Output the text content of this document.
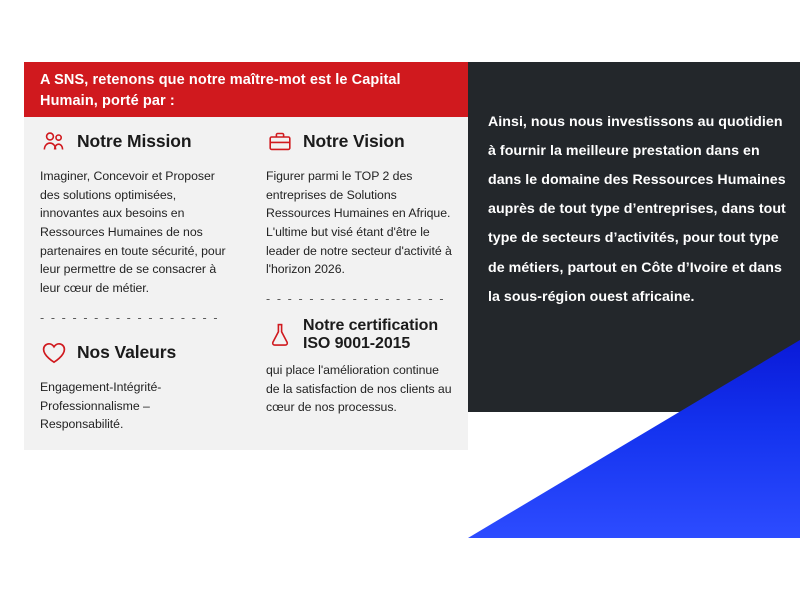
A SNS, retenons que notre maître-mot est le Capital Humain, porté par :
Notre Mission
Imaginer, Concevoir et Proposer des solutions optimisées, innovantes aux besoins en Ressources Humaines de nos partenaires en toute sécurité, pour leur permettre de se consacrer à leur cœur de métier.
- - - - - - - - - - - - - - - - -
Nos Valeurs
Engagement-Intégrité-Professionnalisme –Responsabilité.
Notre Vision
Figurer parmi le TOP 2 des entreprises de Solutions Ressources Humaines en Afrique. L'ultime but visé étant d'être le leader de notre secteur d'activité à l'horizon 2026.
- - - - - - - - - - - - - - - - -
Notre certification ISO 9001-2015
qui place l'amélioration continue de la satisfaction de nos clients au cœur de nos processus.
Ainsi, nous nous investissons au quotidien à fournir la meilleure prestation dans en dans le domaine des Ressources Humaines auprès de tout type d’entreprises, dans tout type de secteurs d’activités, pour tout type de métiers, partout en Côte d’Ivoire et dans la sous-région ouest africaine.
